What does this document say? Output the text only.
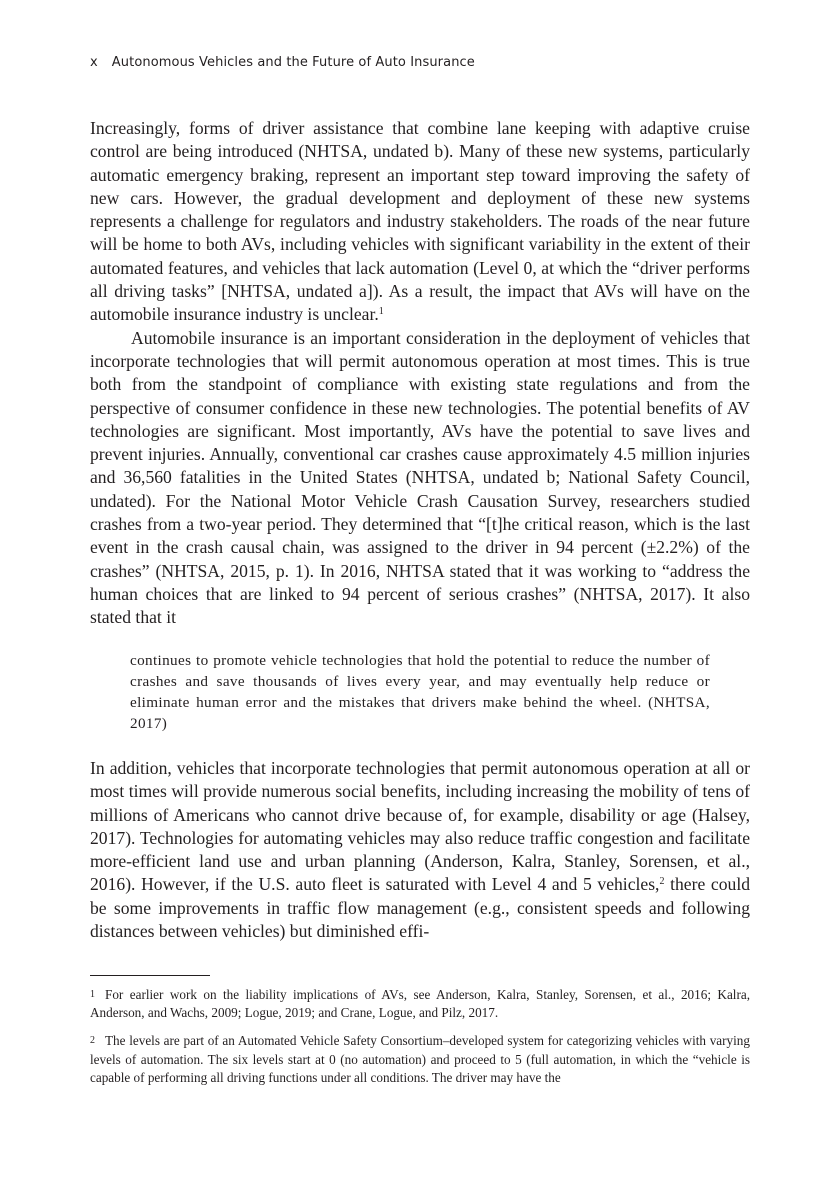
x Autonomous Vehicles and the Future of Auto Insurance

Increasingly, forms of driver assistance that combine lane keeping with adaptive cruise control are being introduced (NHTSA, undated b). Many of these new systems, particularly automatic emergency braking, represent an important step toward improving the safety of new cars. However, the gradual development and deployment of these new systems represents a challenge for regulators and industry stakeholders. The roads of the near future will be home to both AVs, including vehicles with significant variability in the extent of their automated features, and vehicles that lack automation (Level 0, at which the “driver performs all driving tasks” [NHTSA, undated a]). As a result, the impact that AVs will have on the automobile insurance industry is unclear.$^1$

Automobile insurance is an important consideration in the deployment of vehicles that incorporate technologies that will permit autonomous operation at most times. This is true both from the standpoint of compliance with existing state regulations and from the perspective of consumer confidence in these new technologies. The potential benefits of AV technologies are significant. Most importantly, AVs have the potential to save lives and prevent injuries. Annually, conventional car crashes cause approximately 4.5 million injuries and 36,560 fatalities in the United States (NHTSA, undated b; National Safety Council, undated). For the National Motor Vehicle Crash Causation Survey, researchers studied crashes from a two-year period. They determined that “[t]he critical reason, which is the last event in the crash causal chain, was assigned to the driver in 94 percent (±2.2%) of the crashes” (NHTSA, 2015, p. 1). In 2016, NHTSA stated that it was working to “address the human choices that are linked to 94 percent of serious crashes” (NHTSA, 2017). It also stated that it

continues to promote vehicle technologies that hold the potential to reduce the number of crashes and save thousands of lives every year, and may eventually help reduce or eliminate human error and the mistakes that drivers make behind the wheel. (NHTSA, 2017)

In addition, vehicles that incorporate technologies that permit autonomous operation at all or most times will provide numerous social benefits, including increasing the mobility of tens of millions of Americans who cannot drive because of, for example, disability or age (Halsey, 2017). Technologies for automating vehicles may also reduce traffic congestion and facilitate more-efficient land use and urban planning (Anderson, Kalra, Stanley, Sorensen, et al., 2016). However, if the U.S. auto fleet is saturated with Level 4 and 5 vehicles,$^2$ there could be some improvements in traffic flow management (e.g., consistent speeds and following distances between vehicles) but diminished effi-

1 For earlier work on the liability implications of AVs, see Anderson, Kalra, Stanley, Sorensen, et al., 2016; Kalra, Anderson, and Wachs, 2009; Logue, 2019; and Crane, Logue, and Pilz, 2017.

2 The levels are part of an Automated Vehicle Safety Consortium–developed system for categorizing vehicles with varying levels of automation. The six levels start at 0 (no automation) and proceed to 5 (full automation, in which the “vehicle is capable of performing all driving functions under all conditions. The driver may have the
